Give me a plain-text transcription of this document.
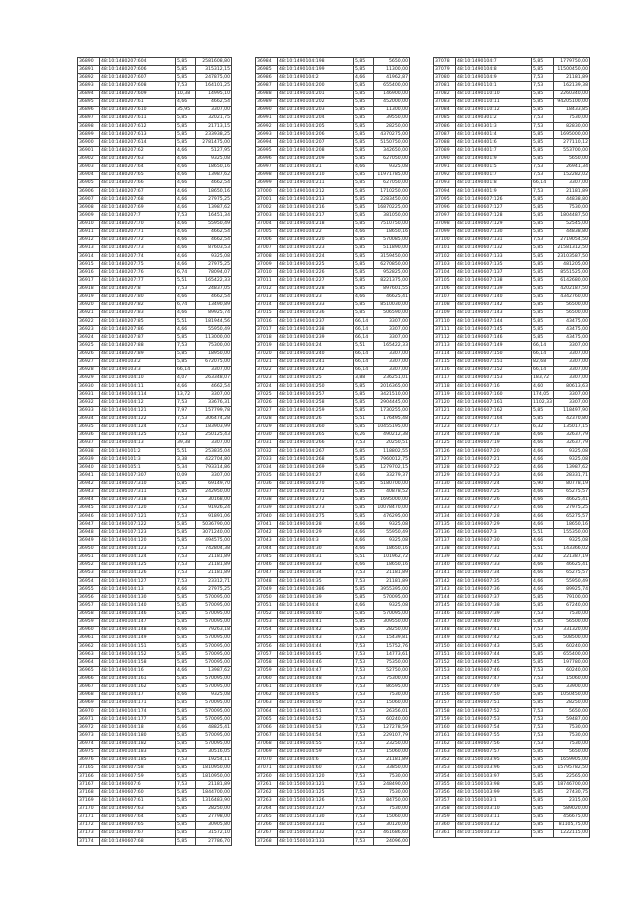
36890	48:10:1480207:604	5,85	2581608,80
36891	48:10:1480207:606	5,85	315312,15
36892	48:10:1480207:607	5,85	247875,00
36893	48:10:1480207:608	7,53	164101,25
36894	48:10:1480207:609	10,38	14995,10
36895	48:10:1480207:61	4,66	4662,54
36896	48:10:1480207:610	35,95	3307,00
36897	48:10:1480207:611	5,85	32021,75
36898	48:10:1480207:612	5,85	21713,15
36899	48:10:1480207:613	5,85	233938,25
36900	48:10:1480207:614	5,85	2781475,00
36901	48:10:1480207:62	4,66	5127,95
36902	48:10:1480207:63	4,66	9325,08
36903	48:10:1480207:64	4,66	18650,16
36904	48:10:1480207:65	4,66	13987,62
36905	48:10:1480207:66	4,66	4662,54
36906	48:10:1480207:67	4,66	18650,16
36907	48:10:1480207:68	4,66	27975,25
36908	48:10:1480207:69	4,66	13987,62
36909	48:10:1480207:7	7,53	16451,34
36910	48:10:1480207:70	4,66	55950,49
36911	48:10:1480207:71	4,66	4662,54
36912	48:10:1480207:72	4,66	4662,54
36913	48:10:1480207:73	4,66	87603,53
36914	48:10:1480207:74	4,66	9325,08
36915	48:10:1480207:75	4,66	27975,25
36916	48:10:1480207:76	6,74	78094,07
36917	48:10:1480207:77	5,51	165422,33
36918	48:10:1480207:8	7,53	24837,05
36919	48:10:1480207:80	4,66	4662,54
36920	48:10:1480207:82	6,74	13490,89
36921	48:10:1480207:83	4,66	89925,74
36922	48:10:1480207:85	5,51	181944,56
36923	48:10:1480207:86	4,66	55950,49
36924	48:10:1480207:87	5,85	113000,00
36925	48:10:1480207:88	7,53	75300,00
36926	48:10:1480207:89	5,85	18950,00
36927	48:10:1490103:2	5,85	672075,00
36928	48:10:1490103:3	66,14	3307,00
36929	48:10:1490104:10	4,07	263348,07
36930	48:10:1490104:11	4,66	4662,54
36931	48:10:1490104:114	13,72	3307,00
36932	48:10:1490104:12	7,53	33676,31
36933	48:10:1490104:121	7,97	157799,78
36934	48:10:1490104:122	7,53	306474,28
36935	48:10:1490104:124	7,53	183903,99
36936	48:10:1490104:125	7,53	250125,43
36937	48:10:1490104:13	39,38	3307,00
36938	48:10:1490101:2	5,51	253835,04
36939	48:10:1490101:3	3,38	422704,80
36940	48:10:1490105:1	5,34	793314,86
36941	48:10:1490107:307	0,09	3307,00
36942	48:10:1490107:310	5,85	69149,70
36943	48:10:1490107:311	5,85	242950,00
36944	48:10:1490107:318	7,53	30168,00
36945	48:10:1490107:120	7,53	91926,24
36946	48:10:1490107:121	7,53	91891,06
36947	48:10:1490107:122	5,85	5036790,00
36948	48:10:1490107:123	5,85	3071240,00
36949	48:10:1490104:120	5,85	494575,00
36950	48:10:1490104:123	7,53	742804,38
36951	48:10:1490104:124	7,53	21181,89
36952	48:10:1490104:125	7,53	21181,89
36953	48:10:1490104:126	7,53	21181,89
36954	48:10:1490104:127	7,53	23312,71
36955	48:10:1490104:13	4,66	27975,25
36956	48:10:1490104:130	5,85	570095,00
36957	48:10:1490104:140	5,85	570095,00
36958	48:10:1490104:146	5,85	570095,00
36959	48:10:1490104:147	5,85	570095,00
36960	48:10:1490104:148	4,66	79263,18
36961	48:10:1490104:149	5,85	570095,00
36962	48:10:1490104:151	5,85	570095,00
36963	48:10:1490104:152	5,85	570095,00
36964	48:10:1490104:158	5,85	570095,00
36965	48:10:1490104:16	4,66	13987,62
36966	48:10:1490104:161	5,85	570095,00
36967	48:10:1490104:162	5,85	570095,00
36968	48:10:1490104:17	4,66	9325,08
36969	48:10:1490104:171	5,85	570095,00
36970	48:10:1490104:174	5,85	570095,00
36971	48:10:1490104:177	5,85	570095,00
36972	48:10:1490104:18	4,66	48825,41
36973	48:10:1490104:180	5,85	570095,00
36974	48:10:1490104:182	5,85	570095,00
36975	48:10:1490104:183	5,85	30516,05
36976	48:10:1490104:185	7,53	19254,11
37165	48:10:1490607:58	5,85	1810950,00
37166	48:10:1490607:59	5,85	1810950,00
37167	48:10:1490607:6	7,53	21181,89
37168	48:10:1490607:60	5,85	1844700,00
37169	48:10:1490607:61	5,85	1316483,90
37170	48:10:1490607:63	5,85	28250,00
37171	48:10:1490607:64	5,85	27798,00
37172	48:10:1490607:65	5,85	30905,80
37173	48:10:1490607:67	5,85	31572,10
37174	48:10:1490607:68	5,85	27786,70
36984	48:10:1490104:198	5,85	5650,00
36985	48:10:1490104:199	5,85	11300,00
36986	48:10:1490104:2	4,66	41962,87
36987	48:10:1490104:200	5,85	655400,00
36988	48:10:1490104:201	5,85	146900,00
36989	48:10:1490104:202	5,85	452000,00
36990	48:10:1490104:203	5,85	11300,00
36991	48:10:1490104:204	5,85	39550,00
36992	48:10:1490104:205	5,85	28250,00
36993	48:10:1490104:206	5,85	4370275,00
36994	48:10:1490104:207	5,85	5150750,00
36995	48:10:1490104:208	5,85	342650,00
36996	48:10:1490104:209	5,85	627050,00
36997	48:10:1490104:21	4,66	9325,08
36998	48:10:1490104:210	5,85	11971785,00
36999	48:10:1490104:211	5,85	627050,00
37000	48:10:1490104:212	5,85	1710250,00
37001	48:10:1490104:213	5,85	2283450,00
37002	48:10:1490104:216	5,85	16870225,00
37003	48:10:1490104:217	5,85	381050,00
37004	48:10:1490104:218	5,85	7510750,00
37005	48:10:1490104:22	4,66	18650,16
37006	48:10:1490104:220	5,85	570085,00
37007	48:10:1490104:223	5,85	511890,00
37008	48:10:1490104:224	5,85	3159450,00
37009	48:10:1490104:225	5,85	6270850,00
37010	48:10:1490104:226	5,85	952825,00
37011	48:10:1490104:227	5,85	8221375,00
37012	48:10:1490104:228	5,85	897601,55
37013	48:10:1490104:23	4,66	46625,41
37014	48:10:1490104:233	5,85	8510030,00
37015	48:10:1490104:236	5,85	506590,00
37016	48:10:1490104:237	66,14	3307,00
37017	48:10:1490104:238	66,14	3307,00
37018	48:10:1490104:239	66,14	3307,00
37019	48:10:1490104:24	5,51	165422,33
37020	48:10:1490104:240	66,14	3307,00
37021	48:10:1490104:241	66,14	3307,00
37022	48:10:1490104:242	66,14	3307,00
37023	48:10:1490104:25	3,88	236251,01
37024	48:10:1490104:250	5,85	2016365,00
37025	48:10:1490104:257	5,85	3421510,00
37026	48:10:1490104:258	5,85	2904445,00
37027	48:10:1490104:259	5,85	1730255,00
37028	48:10:1490104:26	5,51	176495,48
37029	48:10:1490104:260	5,85	10455195,00
37030	48:10:1490104:265	6,26	490212,38
37031	48:10:1490104:266	7,53	20250,51
37032	48:10:1490104:267	5,85	118802,55
37033	48:10:1490104:268	5,85	7960012,75
37034	48:10:1490104:269	5,85	1279702,15
37035	48:10:1490104:27	4,66	33279,37
37036	48:10:1490104:270	5,85	5180700,00
37037	48:10:1490104:271	5,85	40878,52
37038	48:10:1490104:272	5,85	1695000,00
37039	48:10:1490104:273	5,85	10078470,00
37040	48:10:1490104:275	5,85	476295,00
37041	48:10:1490104:28	4,66	9325,08
37042	48:10:1490104:29	4,66	55950,49
37043	48:10:1490104:3	4,66	9325,08
37044	48:10:1490104:30	4,66	18650,16
37045	48:10:1490104:31	5,51	101962,72
37046	48:10:1490104:33	4,66	18650,16
37047	48:10:1490104:34	7,53	21181,89
37048	48:10:1490104:35	7,53	21181,89
37049	48:10:1490104:386	5,85	3955395,00
37050	48:10:1490104:39	5,85	570095,00
37051	48:10:1490104:4	4,66	9325,08
37052	48:10:1490104:40	5,85	570095,00
37053	48:10:1490104:41	5,85	309550,00
37054	48:10:1490104:42	5,85	28250,00
37055	48:10:1490104:43	7,53	15439,81
37056	48:10:1490104:44	7,53	15752,76
37057	48:10:1490104:45	7,53	14773,61
37058	48:10:1490104:46	7,53	75350,00
37059	48:10:1490104:47	7,53	52750,00
37060	48:10:1490104:48	7,53	75300,00
37061	48:10:1490104:49	7,53	86595,00
37062	48:10:1490104:5	7,53	7530,00
37063	48:10:1490104:50	7,53	15060,00
37064	48:10:1490104:51	7,53	26356,01
37065	48:10:1490104:52	7,53	60240,00
37066	48:10:1490104:53	7,53	127278,59
37067	48:10:1490104:54	7,53	229107,79
37068	48:10:1490104:55	7,53	23250,00
37069	48:10:1490104:59	7,53	15060,00
37070	48:10:1490104:6	7,53	21181,89
37071	48:10:1490104:60	7,53	33850,00
37260	48:10:1500103:120	7,53	7530,00
37261	48:10:1500103:121	7,53	248490,00
37262	48:10:1500103:125	7,53	7530,00
37263	48:10:1500103:126	7,53	84750,00
37264	48:10:1500103:127	7,53	7530,00
37265	48:10:1500103:130	7,53	15060,00
37266	48:10:1500103:131	7,53	30120,00
37267	48:10:1500103:132	7,53	461686,60
37268	48:10:1500103:133	7,53	24096,00
37078	48:10:1490104:7	5,85	1779750,00
37079	48:10:1490104:8	5,85	11500450,00
37080	48:10:1490104:9	7,53	21181,89
37081	48:10:1490110:1	7,53	162139,38
37082	48:10:1490110:10	5,85	2260340,00
37083	48:10:1490110:11	5,85	94205100,00
37084	48:10:1490110:12	5,85	18433,85
37085	48:10:1490301:2	7,53	7530,00
37086	48:10:1490301:3	7,53	82830,00
37087	48:10:1490401:4	5,85	1695000,00
37088	48:10:1490401:6	5,85	277110,12
37089	48:10:1490401:7	5,85	553700,00
37090	48:10:1490401:9	5,85	5650,00
37091	48:10:1490401:5	7,53	26941,34
37092	48:10:1490401:7	7,53	152282,02
37093	48:10:1490401:8	66,14	3307,00
37094	48:10:1490401:9	7,53	21181,89
37095	48:10:1490607:126	5,85	44838,80
37096	48:10:1490607:127	5,85	7530,00
37097	48:10:1490607:128	5,85	1804487,50
37098	48:10:1490607:129	5,85	52545,00
37099	48:10:1490607:130	5,85	44838,80
37100	48:10:1490607:131	7,53	2719054,50
37101	48:10:1490607:132	5,85	21581312,50
37102	48:10:1490607:133	5,85	23103587,50
37103	48:10:1490607:135	5,85	481205,00
37104	48:10:1490607:137	5,85	8551525,00
37105	48:10:1490607:138	5,85	6142680,00
37106	48:10:1490607:139	5,85	4202187,50
37107	48:10:1490607:140	5,85	4342760,00
37108	48:10:1490607:142	5,85	56500,00
37109	48:10:1490607:143	5,85	56500,00
37110	48:10:1490607:144	5,85	43475,00
37111	48:10:1490607:145	5,85	43475,00
37112	48:10:1490607:146	5,85	43475,00
37113	48:10:1490607:149	66,14	3307,00
37114	48:10:1490607:150	66,14	3307,00
37115	48:10:1490607:151	82,68	3307,00
37116	48:10:1490607:152	66,14	3307,00
37117	48:10:1490607:153	183,72	3307,00
37118	48:10:1490607:16	4,60	80613,63
37119	48:10:1490607:160	174,05	3307,00
37120	48:10:1490607:161	1102,33	3307,00
37121	48:10:1490607:162	5,85	118497,90
37122	48:10:1490607:164	5,85	42370,80
37123	48:10:1490607:17	6,32	135017,15
37124	48:10:1490607:18	4,66	32637,79
37125	48:10:1490607:19	4,66	32637,79
37126	48:10:1490607:20	4,66	9325,08
37127	48:10:1490607:21	4,66	9325,08
37128	48:10:1490607:22	4,66	13987,62
37129	48:10:1490607:23	4,66	28331,71
37130	48:10:1490607:24	5,90	80778,19
37131	48:10:1490607:25	4,66	65275,57
37132	48:10:1490607:26	4,66	46625,41
37133	48:10:1490607:27	4,66	27975,25
37134	48:10:1490607:28	4,66	65275,57
37135	48:10:1490607:29	4,66	18650,16
37136	48:10:1490607:3	5,51	155350,00
37137	48:10:1490607:30	4,66	9325,08
37138	48:10:1490607:31	5,51	143366,02
37139	48:10:1490607:32	3,82	221387,19
37140	48:10:1490607:33	4,66	46625,41
37141	48:10:1490607:34	4,66	65275,57
37142	48:10:1490607:35	4,66	55950,49
37143	48:10:1490607:36	4,66	89925,74
37144	48:10:1490607:37	5,85	79100,00
37145	48:10:1490607:38	5,85	67240,00
37146	48:10:1490607:39	7,53	7530,00
37147	48:10:1490607:40	5,85	56500,00
37148	48:10:1490607:41	7,53	331320,00
37149	48:10:1490607:42	5,85	508500,00
37150	48:10:1490607:43	5,85	60240,00
37151	48:10:1490607:44	5,85	655400,00
37152	48:10:1490607:45	5,85	197780,00
37153	48:10:1490607:46	7,53	60240,00
37154	48:10:1490607:47	7,53	15060,00
37155	48:10:1490607:49	5,85	33900,00
37156	48:10:1490607:50	5,85	1050450,00
37157	48:10:1490607:51	5,85	28250,00
37158	48:10:1490607:52	7,53	5650,00
37159	48:10:1490607:53	7,53	59487,00
37160	48:10:1490607:54	7,53	7530,00
37161	48:10:1490607:55	7,53	7530,00
37162	48:10:1490607:56	7,53	7530,00
37163	48:10:1490607:57	5,85	5650,00
37352	48:10:1500103:95	5,85	1659905,00
37353	48:10:1500103:96	5,85	15795782,50
37354	48:10:1500103:97	5,85	22565,00
37355	48:10:1500103:98	5,85	18746700,00
37356	48:10:1500103:99	5,85	27430,75
37357	48:10:1500103:1	5,85	2315,00
37358	48:10:1500103:10	5,85	589020,00
37359	48:10:1500103:11	5,85	456675,00
37360	48:10:1500103:12	5,85	81105,75,00
37361	48:10:1500103:13	5,85	1222115,00
